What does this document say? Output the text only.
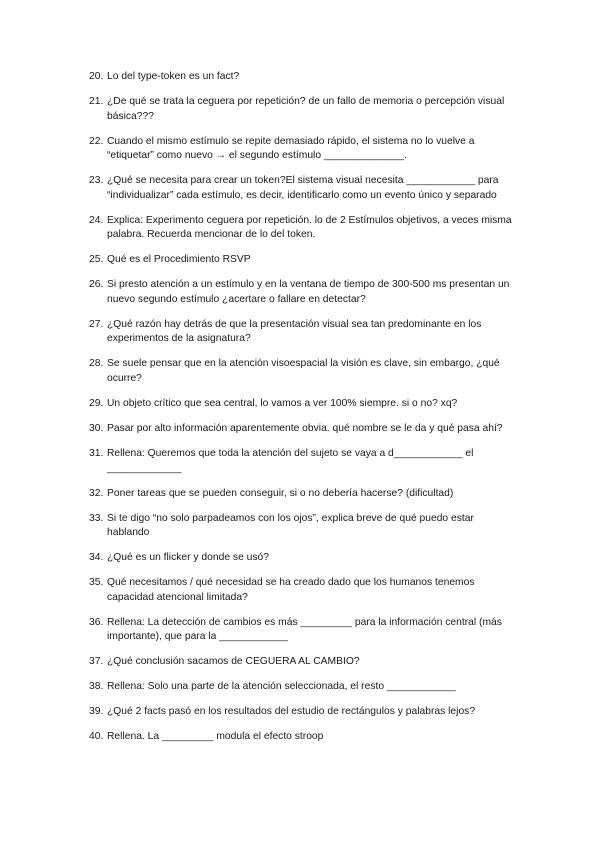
20. Lo del type-token es un fact?
21. ¿De qué se trata la ceguera por repetición? de un fallo de memoria o percepción visual básica???
22. Cuando el mismo estímulo se repite demasiado rápido, el sistema no lo vuelve a “etiquetar” como nuevo → el segundo estímulo ______________.
23. ¿Qué se necesita para crear un token?El sistema visual necesita ____________ para “individualizar” cada estímulo, es decir, identificarlo como un evento único y separado
24. Explica: Experimento ceguera por repetición. lo de 2 Estímulos objetivos, a veces misma palabra. Recuerda mencionar de lo del token.
25. Qué es el Procedimiento RSVP
26. Si presto atención a un estímulo y en la ventana de tiempo de 300-500 ms presentan un nuevo segundo estímulo ¿acertare o fallare en detectar?
27. ¿Qué razón hay detrás de que la presentación visual sea tan predominante en los experimentos de la asignatura?
28. Se suele pensar que en la atención visoespacial la visión es clave, sin embargo, ¿qué ocurre?
29. Un objeto crítico que sea central, lo vamos a ver 100% siempre. si o no? xq?
30. Pasar por alto información aparentemente obvia. qué nombre se le da y qué pasa ahí?
31. Rellena: Queremos que toda la atención del sujeto se vaya a d____________ el _____________
32. Poner tareas que se pueden conseguir, si o no debería hacerse? (dificultad)
33. Si te digo “no solo parpadeamos con los ojos”, explica breve de qué puedo estar hablando
34. ¿Qué es un flicker y donde se usó?
35. Qué necesitamos / qué necesidad se ha creado dado que los humanos tenemos capacidad atencional limitada?
36. Rellena: La detección de cambios es más _________ para la información central (más importante), que para la ____________
37. ¿Qué conclusión sacamos de CEGUERA AL CAMBIO?
38. Rellena: Solo una parte de la atención seleccionada, el resto ____________
39. ¿Qué 2 facts pasó en los resultados del estudio de rectángulos y palabras lejos?
40. Rellena. La _________ modula el efecto stroop
